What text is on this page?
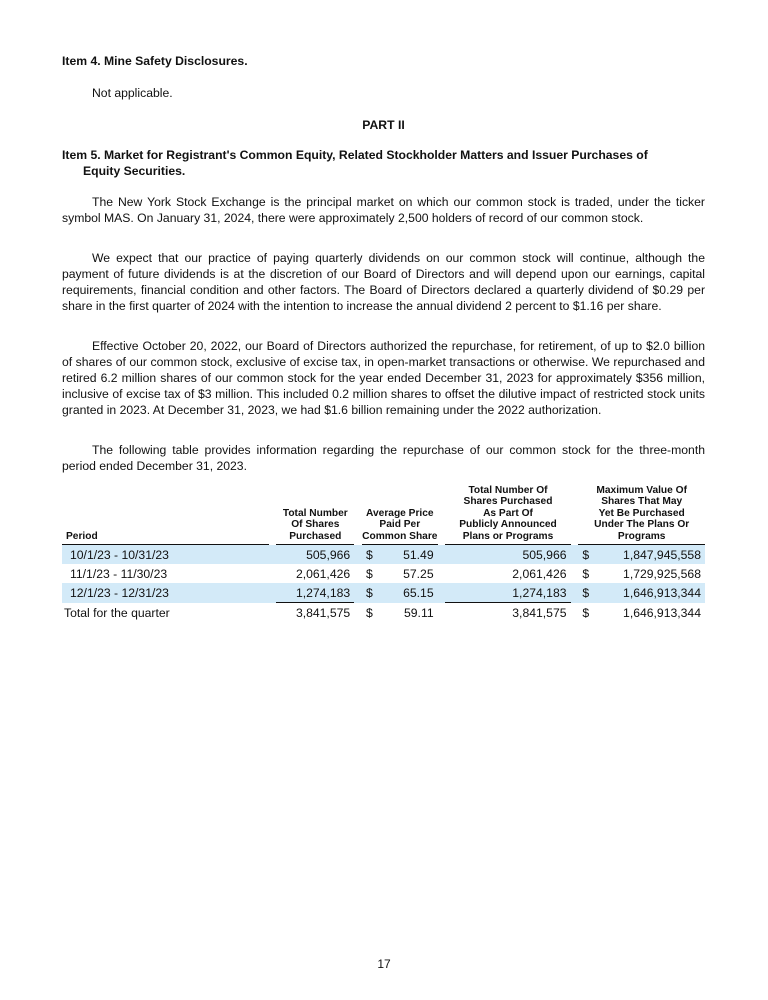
Item 4. Mine Safety Disclosures.
Not applicable.
PART II
Item 5. Market for Registrant's Common Equity, Related Stockholder Matters and Issuer Purchases of
Equity Securities.
The New York Stock Exchange is the principal market on which our common stock is traded, under the ticker symbol MAS. On January 31, 2024, there were approximately 2,500 holders of record of our common stock.
We expect that our practice of paying quarterly dividends on our common stock will continue, although the payment of future dividends is at the discretion of our Board of Directors and will depend upon our earnings, capital requirements, financial condition and other factors. The Board of Directors declared a quarterly dividend of $0.29 per share in the first quarter of 2024 with the intention to increase the annual dividend 2 percent to $1.16 per share.
Effective October 20, 2022, our Board of Directors authorized the repurchase, for retirement, of up to $2.0 billion of shares of our common stock, exclusive of excise tax, in open-market transactions or otherwise. We repurchased and retired 6.2 million shares of our common stock for the year ended December 31, 2023 for approximately $356 million, inclusive of excise tax of $3 million. This included 0.2 million shares to offset the dilutive impact of restricted stock units granted in 2023. At December 31, 2023, we had $1.6 billion remaining under the 2022 authorization.
The following table provides information regarding the repurchase of our common stock for the three-month period ended December 31, 2023.
Period		Total Number
Of Shares
Purchased		Average Price
Paid Per
Common Share			Total Number Of
Shares Purchased
As Part Of
Publicly Announced
Plans or Programs		Maximum Value Of
Shares That May
Yet Be Purchased
Under The Plans Or
Programs	
10/1/23 - 10/31/23		505,966		$	51.49		505,966		$	1,847,945,558
11/1/23 - 11/30/23		2,061,426		$	57.25		2,061,426		$	1,729,925,568
12/1/23 - 12/31/23		1,274,183		$	65.15		1,274,183		$	1,646,913,344
Total for the quarter		3,841,575		$	59.11		3,841,575		$	1,646,913,344
17
